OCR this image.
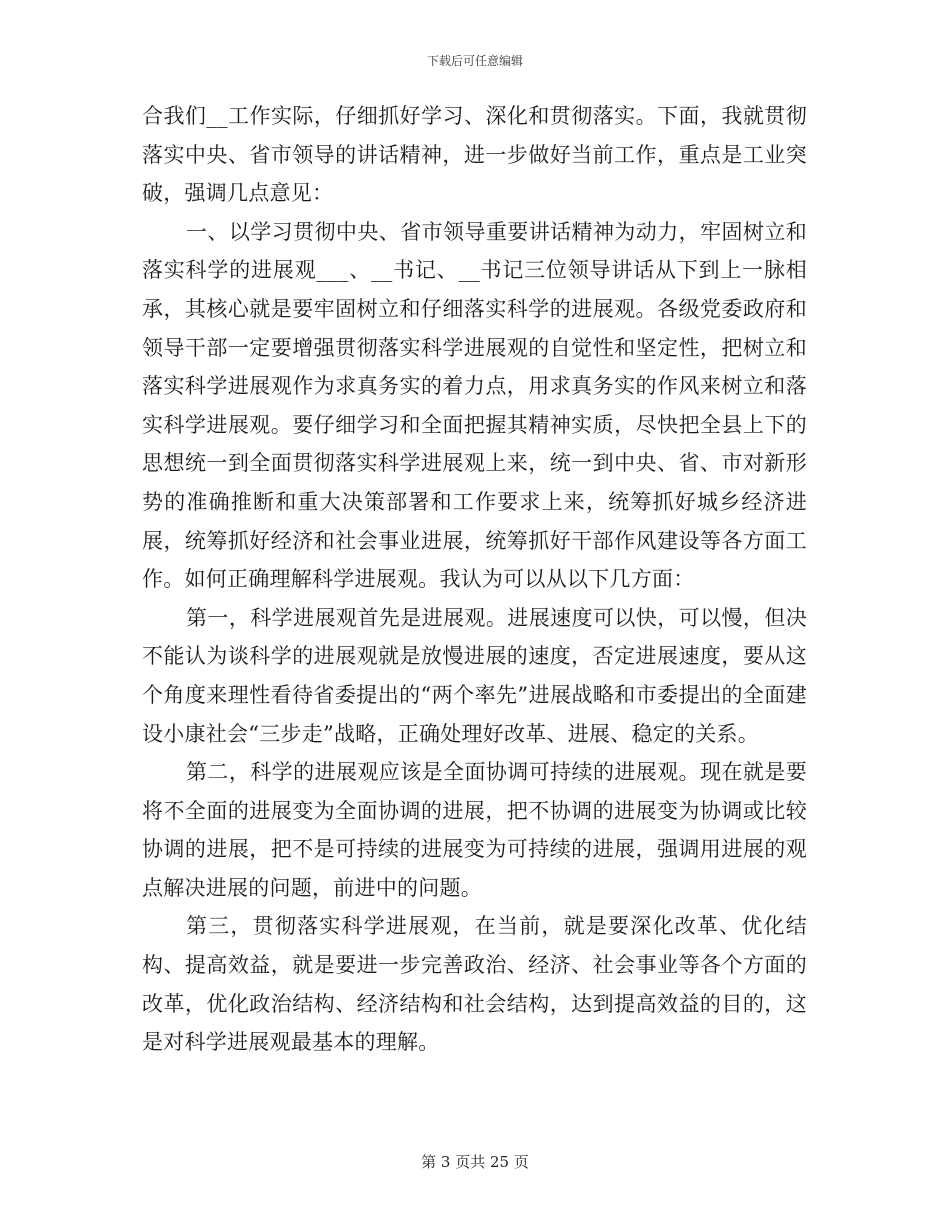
下载后可任意编辑

合我们__工作实际，仔细抓好学习、深化和贯彻落实。下面，我就贯彻落实中央、省市领导的讲话精神，进一步做好当前工作，重点是工业突破，强调几点意见：

一、以学习贯彻中央、省市领导重要讲话精神为动力，牢固树立和落实科学的进展观___、__书记、__书记三位领导讲话从下到上一脉相承，其核心就是要牢固树立和仔细落实科学的进展观。各级党委政府和领导干部一定要增强贯彻落实科学进展观的自觉性和坚定性，把树立和落实科学进展观作为求真务实的着力点，用求真务实的作风来树立和落实科学进展观。要仔细学习和全面把握其精神实质，尽快把全县上下的思想统一到全面贯彻落实科学进展观上来，统一到中央、省、市对新形势的准确推断和重大决策部署和工作要求上来，统筹抓好城乡经济进展，统筹抓好经济和社会事业进展，统筹抓好干部作风建设等各方面工作。如何正确理解科学进展观。我认为可以从以下几方面：

第一，科学进展观首先是进展观。进展速度可以快，可以慢，但决不能认为谈科学的进展观就是放慢进展的速度，否定进展速度，要从这个角度来理性看待省委提出的“两个率先”进展战略和市委提出的全面建设小康社会“三步走”战略，正确处理好改革、进展、稳定的关系。

第二，科学的进展观应该是全面协调可持续的进展观。现在就是要将不全面的进展变为全面协调的进展，把不协调的进展变为协调或比较协调的进展，把不是可持续的进展变为可持续的进展，强调用进展的观点解决进展的问题，前进中的问题。

第三，贯彻落实科学进展观，在当前，就是要深化改革、优化结构、提高效益，就是要进一步完善政治、经济、社会事业等各个方面的改革，优化政治结构、经济结构和社会结构，达到提高效益的目的，这是对科学进展观最基本的理解。

第 3 页共 25 页
